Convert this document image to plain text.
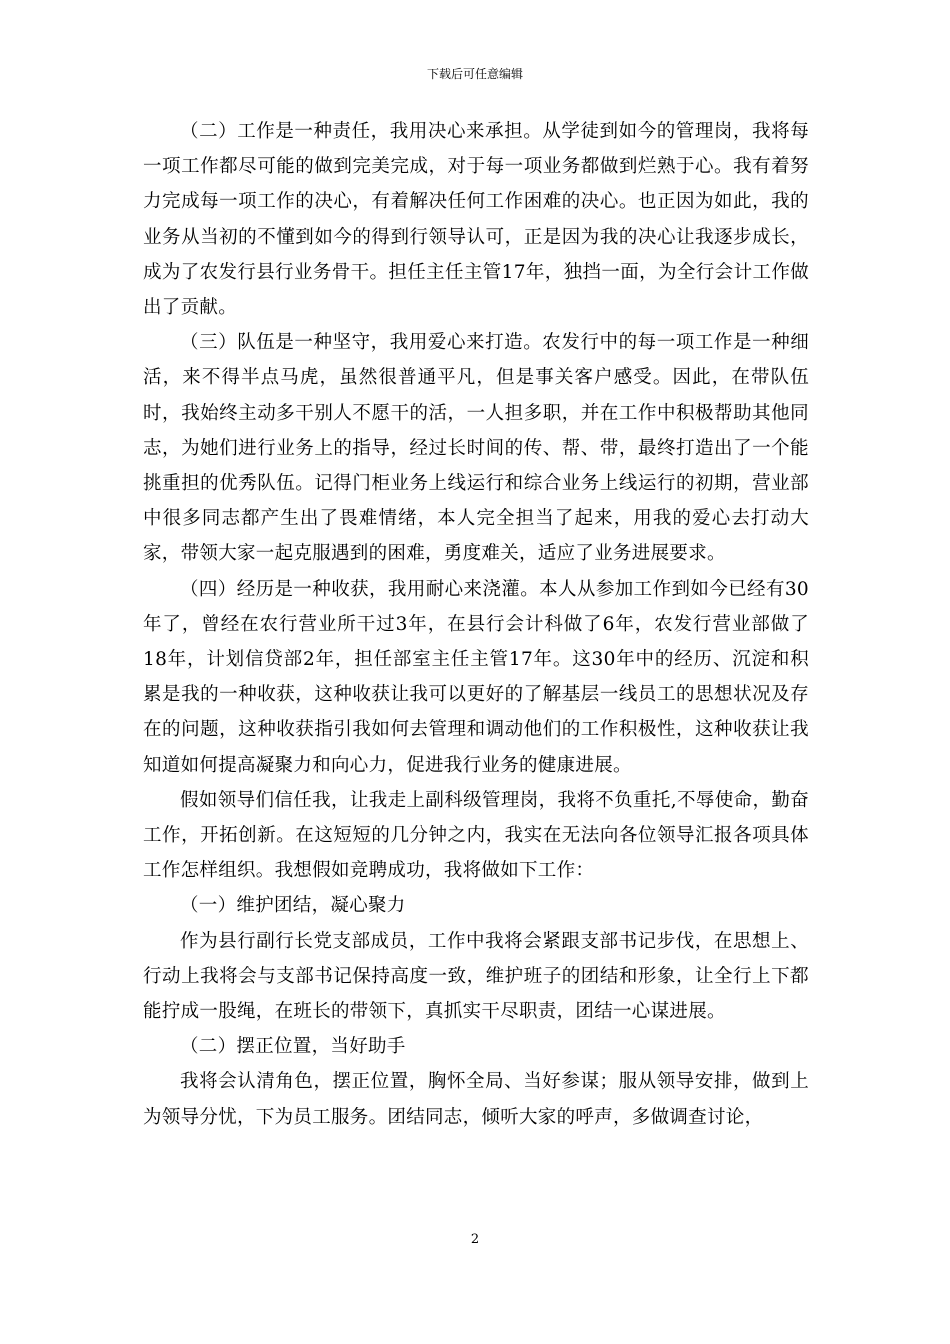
下载后可任意编辑

（二）工作是一种责任，我用决心来承担。从学徒到如今的管理岗，我将每一项工作都尽可能的做到完美完成，对于每一项业务都做到烂熟于心。我有着努力完成每一项工作的决心，有着解决任何工作困难的决心。也正因为如此，我的业务从当初的不懂到如今的得到行领导认可，正是因为我的决心让我逐步成长，成为了农发行县行业务骨干。担任主任主管17年，独挡一面，为全行会计工作做出了贡献。

（三）队伍是一种坚守，我用爱心来打造。农发行中的每一项工作是一种细活，来不得半点马虎，虽然很普通平凡，但是事关客户感受。因此，在带队伍时，我始终主动多干别人不愿干的活，一人担多职，并在工作中积极帮助其他同志，为她们进行业务上的指导，经过长时间的传、帮、带，最终打造出了一个能挑重担的优秀队伍。记得门柜业务上线运行和综合业务上线运行的初期，营业部中很多同志都产生出了畏难情绪，本人完全担当了起来，用我的爱心去打动大家，带领大家一起克服遇到的困难，勇度难关，适应了业务进展要求。

（四）经历是一种收获，我用耐心来浇灌。本人从参加工作到如今已经有30年了，曾经在农行营业所干过3年，在县行会计科做了6年，农发行营业部做了18年，计划信贷部2年，担任部室主任主管17年。这30年中的经历、沉淀和积累是我的一种收获，这种收获让我可以更好的了解基层一线员工的思想状况及存在的问题，这种收获指引我如何去管理和调动他们的工作积极性，这种收获让我知道如何提高凝聚力和向心力，促进我行业务的健康进展。

假如领导们信任我，让我走上副科级管理岗，我将不负重托,不辱使命，勤奋工作，开拓创新。在这短短的几分钟之内，我实在无法向各位领导汇报各项具体工作怎样组织。我想假如竞聘成功，我将做如下工作：

（一）维护团结，凝心聚力

作为县行副行长党支部成员，工作中我将会紧跟支部书记步伐，在思想上、行动上我将会与支部书记保持高度一致，维护班子的团结和形象，让全行上下都能拧成一股绳，在班长的带领下，真抓实干尽职责，团结一心谋进展。

（二）摆正位置，当好助手

我将会认清角色，摆正位置，胸怀全局、当好参谋；服从领导安排，做到上为领导分忧，下为员工服务。团结同志，倾听大家的呼声，多做调查讨论，

2
